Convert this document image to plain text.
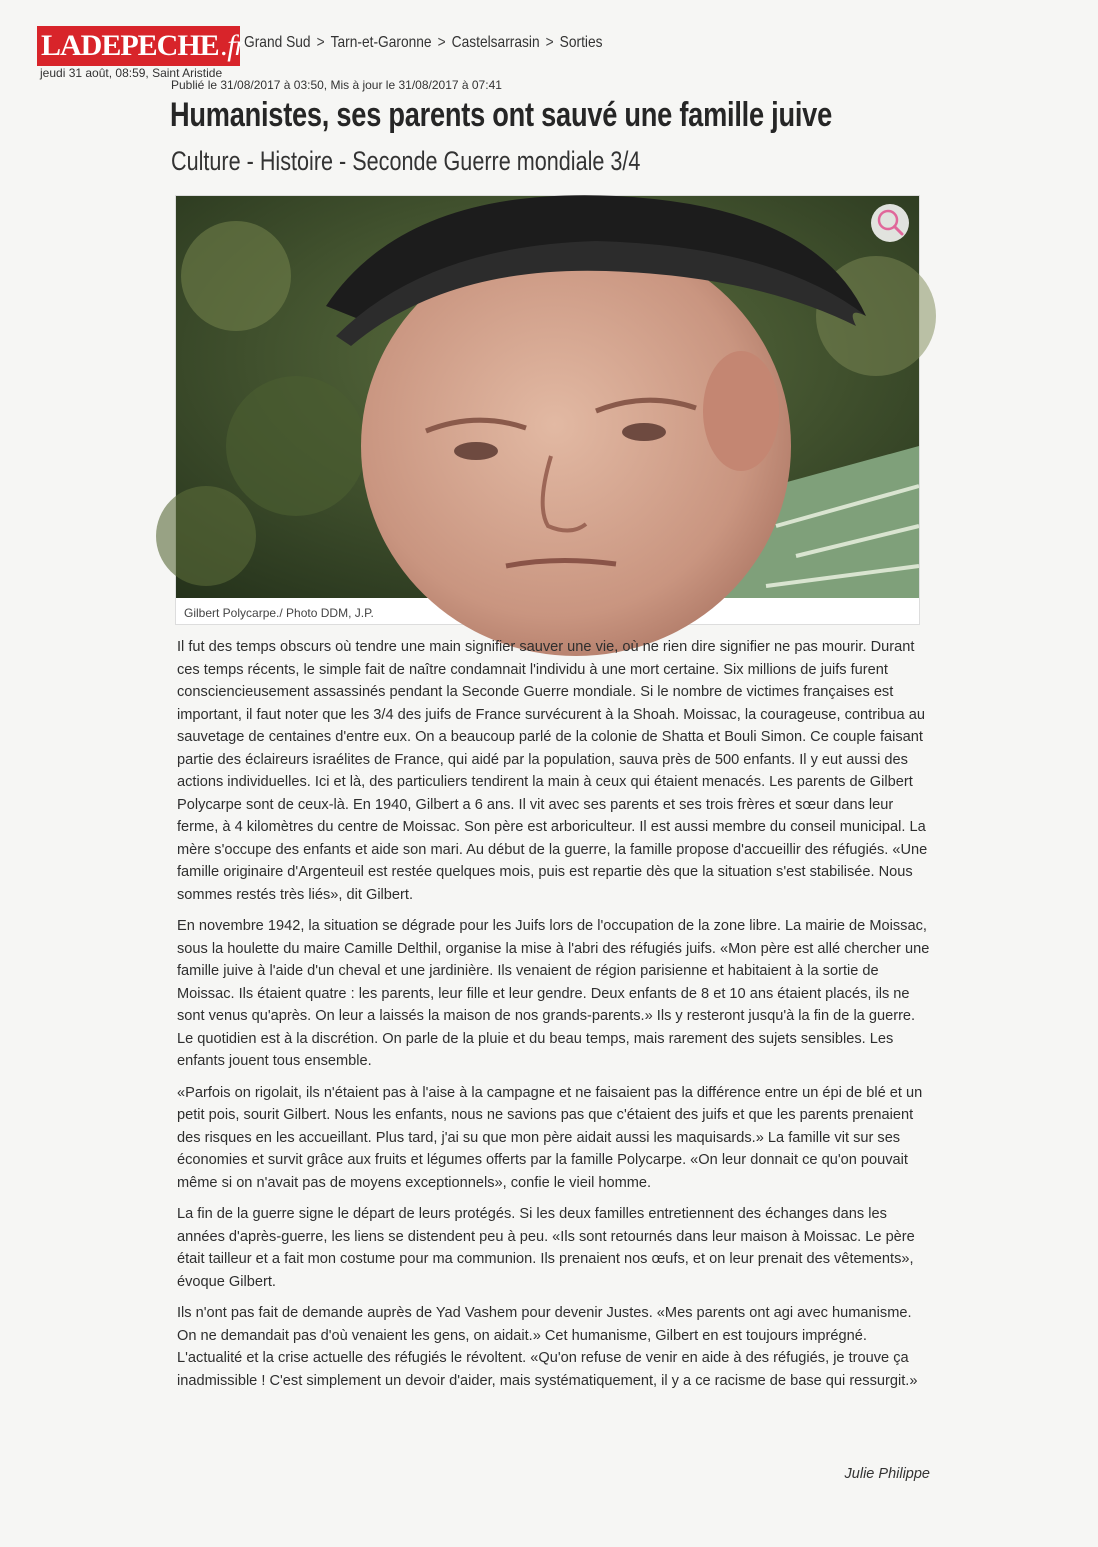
LADEPECHE.fr
Grand Sud > Tarn-et-Garonne > Castelsarrasin > Sorties
jeudi 31 août, 08:59, Saint Aristide
Publié le 31/08/2017 à 03:50, Mis à jour le 31/08/2017 à 07:41
Humanistes, ses parents ont sauvé une famille juive
Culture - Histoire - Seconde Guerre mondiale 3/4
Gilbert Polycarpe./ Photo DDM, J.P.

Il fut des temps obscurs où tendre une main signifier sauver une vie, où ne rien dire signifier ne pas mourir. Durant ces temps récents, le simple fait de naître condamnait l'individu à une mort certaine. Six millions de juifs furent consciencieusement assassinés pendant la Seconde Guerre mondiale. Si le nombre de victimes françaises est important, il faut noter que les 3/4 des juifs de France survécurent à la Shoah. Moissac, la courageuse, contribua au sauvetage de centaines d'entre eux. On a beaucoup parlé de la colonie de Shatta et Bouli Simon. Ce couple faisant partie des éclaireurs israélites de France, qui aidé par la population, sauva près de 500 enfants. Il y eut aussi des actions individuelles. Ici et là, des particuliers tendirent la main à ceux qui étaient menacés. Les parents de Gilbert Polycarpe sont de ceux-là. En 1940, Gilbert a 6 ans. Il vit avec ses parents et ses trois frères et sœur dans leur ferme, à 4 kilomètres du centre de Moissac. Son père est arboriculteur. Il est aussi membre du conseil municipal. La mère s'occupe des enfants et aide son mari. Au début de la guerre, la famille propose d'accueillir des réfugiés. «Une famille originaire d'Argenteuil est restée quelques mois, puis est repartie dès que la situation s'est stabilisée. Nous sommes restés très liés», dit Gilbert.

En novembre 1942, la situation se dégrade pour les Juifs lors de l'occupation de la zone libre. La mairie de Moissac, sous la houlette du maire Camille Delthil, organise la mise à l'abri des réfugiés juifs. «Mon père est allé chercher une famille juive à l'aide d'un cheval et une jardinière. Ils venaient de région parisienne et habitaient à la sortie de Moissac. Ils étaient quatre : les parents, leur fille et leur gendre. Deux enfants de 8 et 10 ans étaient placés, ils ne sont venus qu'après. On leur a laissés la maison de nos grands-parents.» Ils y resteront jusqu'à la fin de la guerre. Le quotidien est à la discrétion. On parle de la pluie et du beau temps, mais rarement des sujets sensibles. Les enfants jouent tous ensemble.

«Parfois on rigolait, ils n'étaient pas à l'aise à la campagne et ne faisaient pas la différence entre un épi de blé et un petit pois, sourit Gilbert. Nous les enfants, nous ne savions pas que c'étaient des juifs et que les parents prenaient des risques en les accueillant. Plus tard, j'ai su que mon père aidait aussi les maquisards.» La famille vit sur ses économies et survit grâce aux fruits et légumes offerts par la famille Polycarpe. «On leur donnait ce qu'on pouvait même si on n'avait pas de moyens exceptionnels», confie le vieil homme.

La fin de la guerre signe le départ de leurs protégés. Si les deux familles entretiennent des échanges dans les années d'après-guerre, les liens se distendent peu à peu. «Ils sont retournés dans leur maison à Moissac. Le père était tailleur et a fait mon costume pour ma communion. Ils prenaient nos œufs, et on leur prenait des vêtements», évoque Gilbert.

Ils n'ont pas fait de demande auprès de Yad Vashem pour devenir Justes. «Mes parents ont agi avec humanisme. On ne demandait pas d'où venaient les gens, on aidait.» Cet humanisme, Gilbert en est toujours imprégné. L'actualité et la crise actuelle des réfugiés le révoltent. «Qu'on refuse de venir en aide à des réfugiés, je trouve ça inadmissible ! C'est simplement un devoir d'aider, mais systématiquement, il y a ce racisme de base qui ressurgit.»

Julie Philippe
